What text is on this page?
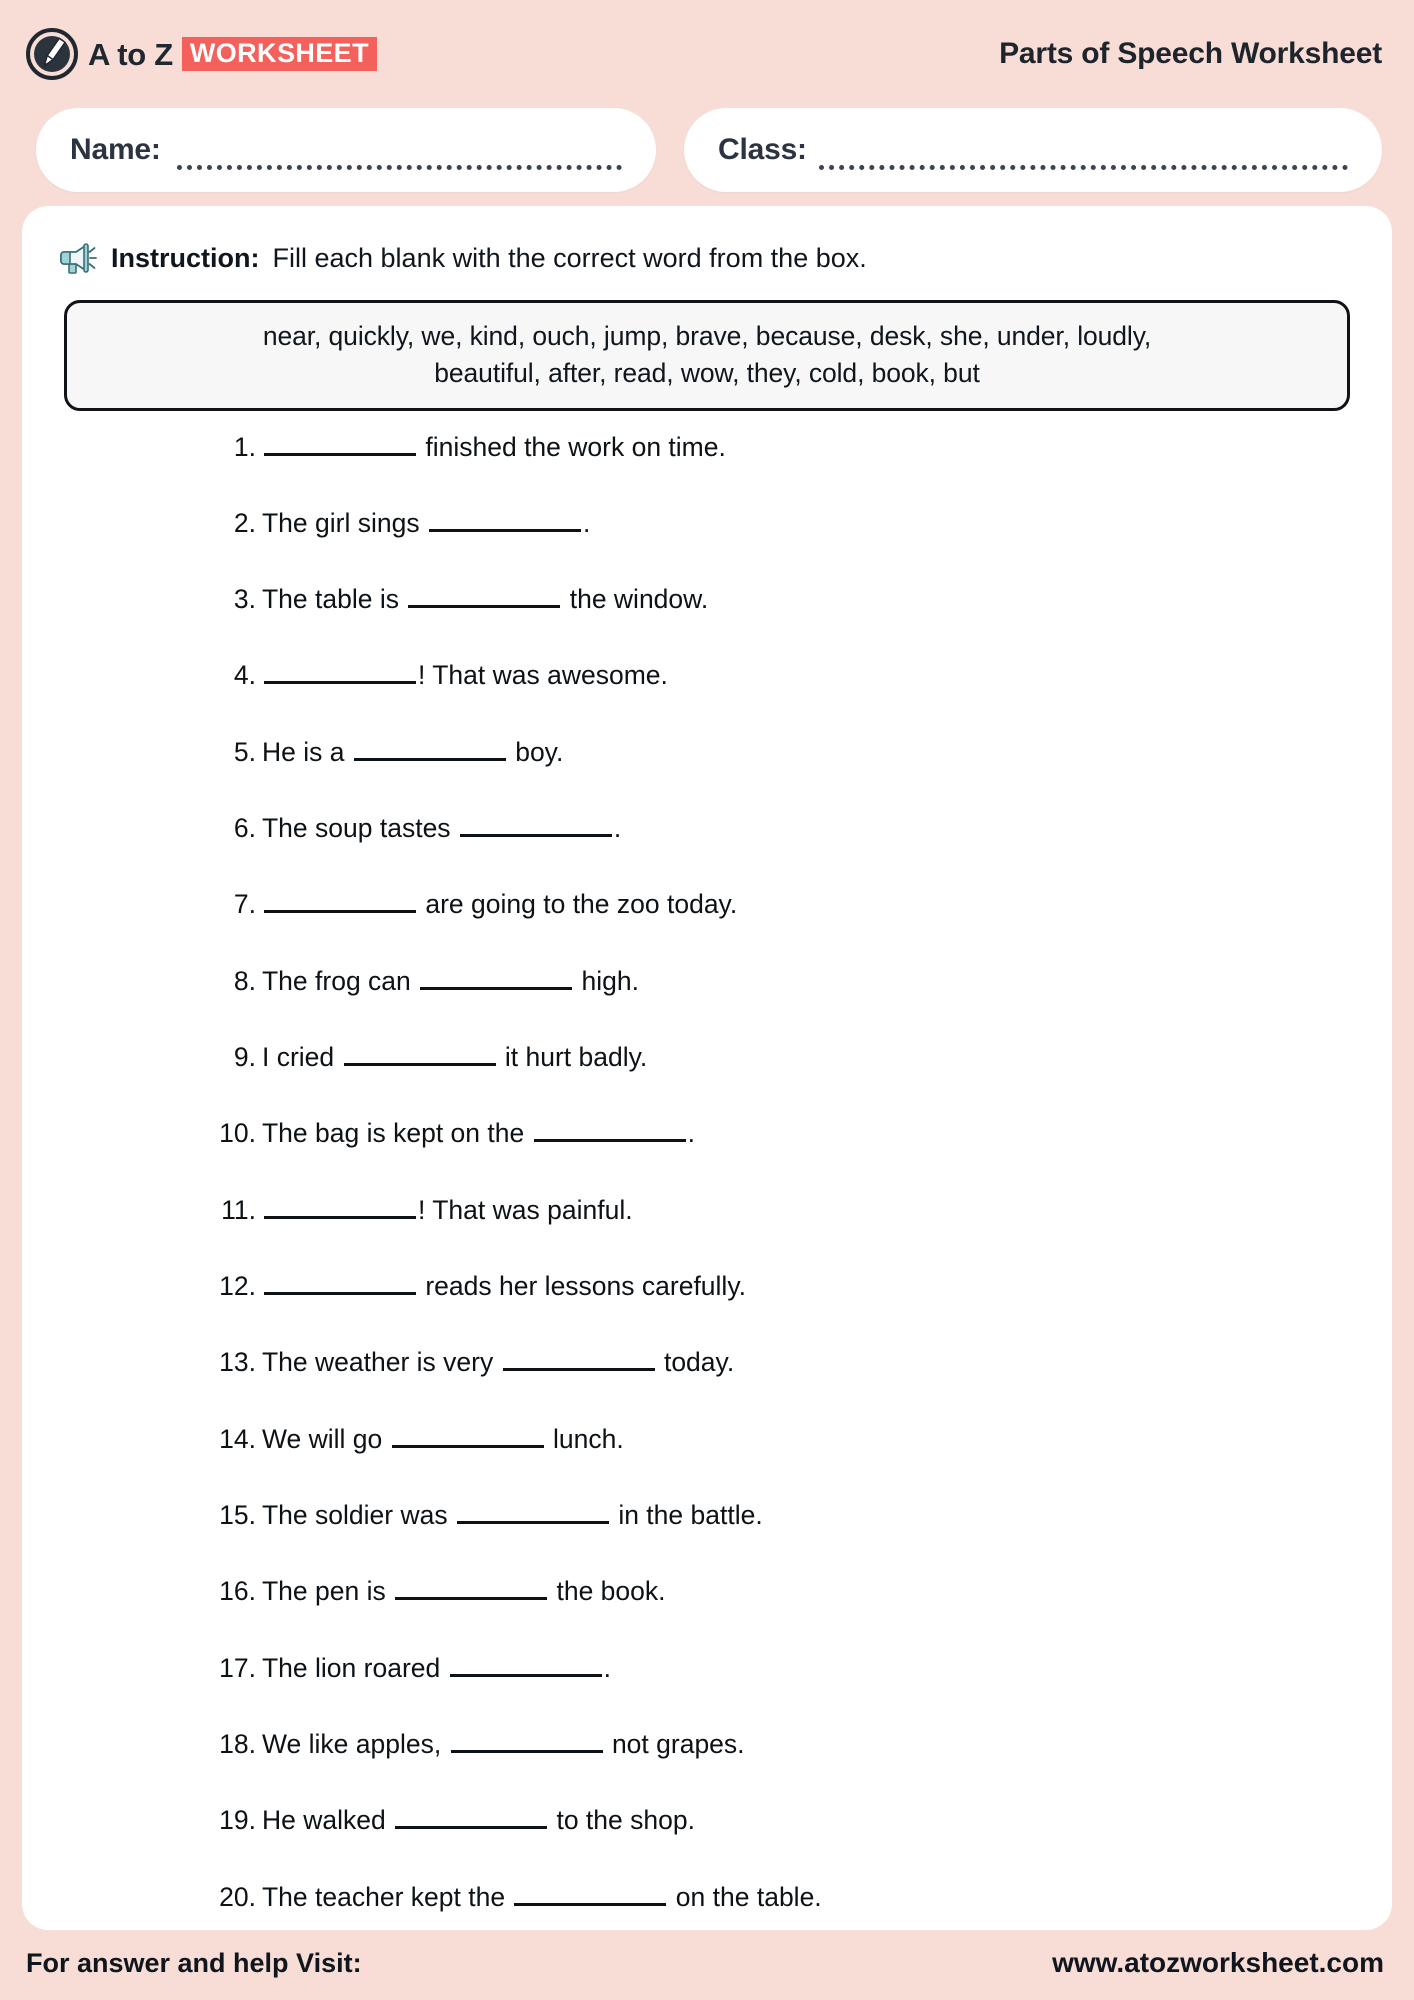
A to Z WORKSHEET	Parts of Speech Worksheet
Name:	Class:
Instruction: Fill each blank with the correct word from the box.
near, quickly, we, kind, ouch, jump, brave, because, desk, she, under, loudly,
beautiful, after, read, wow, they, cold, book, but
1.	finished the work on time.
2. The girl sings	.
3. The table is	the window.
4.	! That was awesome.
5. He is a	boy.
6. The soup tastes	.
7.	are going to the zoo today.
8. The frog can	high.
9. I cried	it hurt badly.
10. The bag is kept on the	.
11.	! That was painful.
12.	reads her lessons carefully.
13. The weather is very	today.
14. We will go	lunch.
15. The soldier was	in the battle.
16. The pen is	the book.
17. The lion roared	.
18. We like apples,	not grapes.
19. He walked	to the shop.
20. The teacher kept the	on the table.
For answer and help Visit:	www.atozworksheet.com
